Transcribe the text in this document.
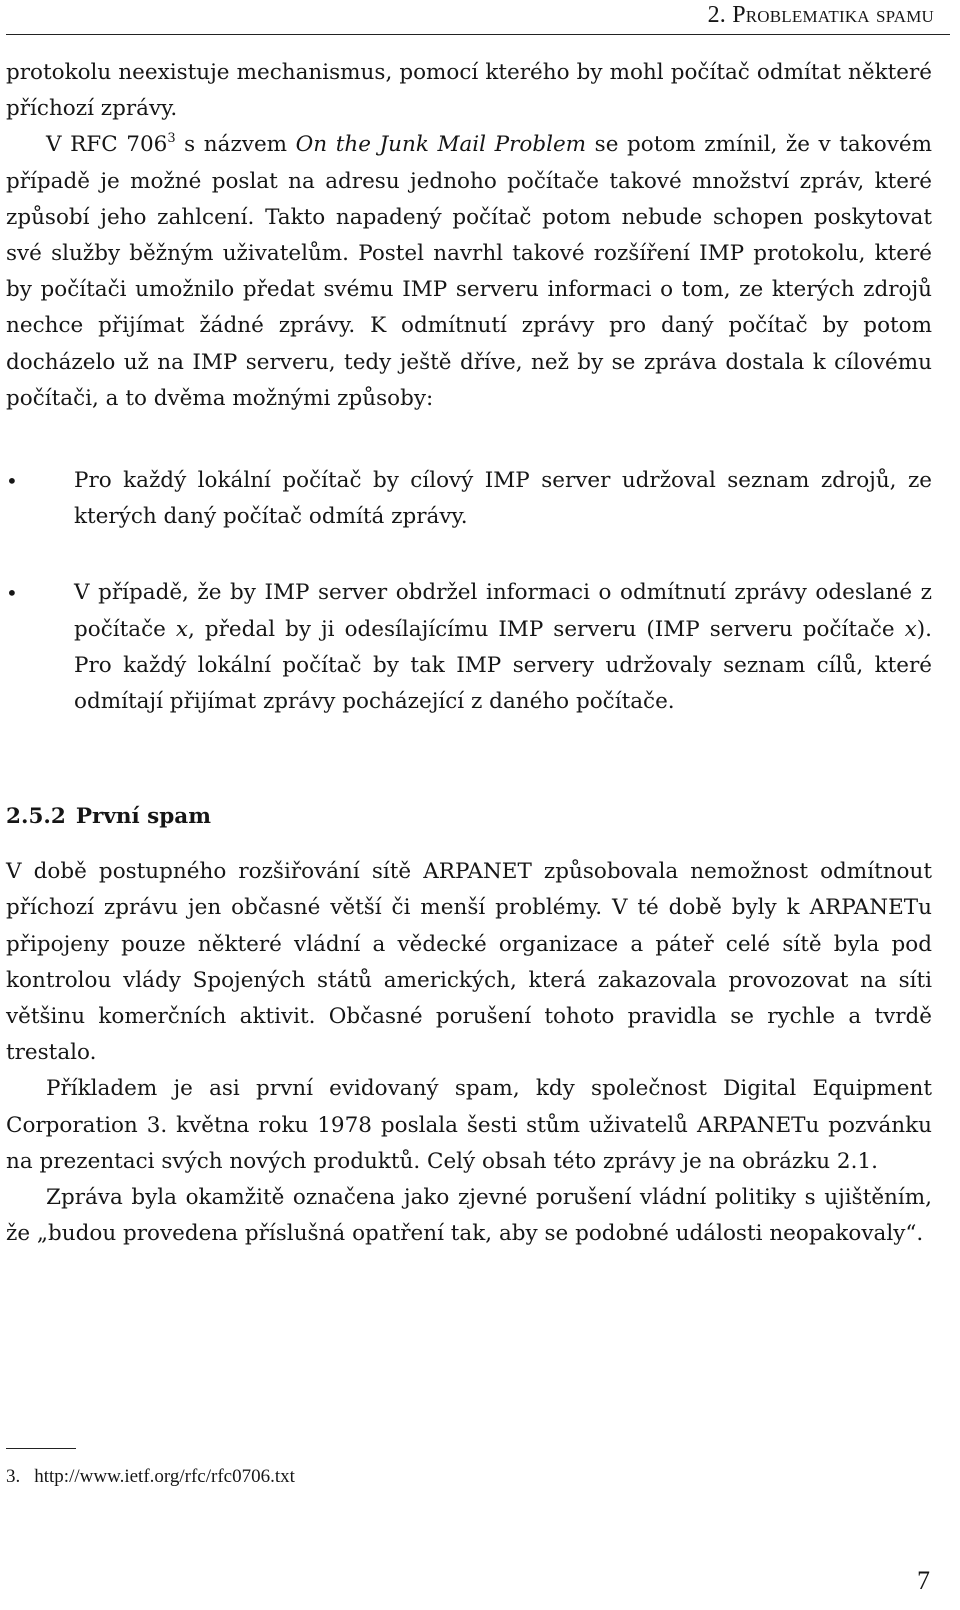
2. Problematika spamu

protokolu neexistuje mechanismus, pomocí kterého by mohl počítač odmítat některé příchozí zprávy.

V RFC $706^3$ s názvem On the Junk Mail Problem se potom zmínil, že v takovém případě je možné poslat na adresu jednoho počítače takové množství zpráv, které způsobí jeho zahlcení. Takto napadený počítač potom nebude schopen poskytovat své služby běžným uživatelům. Postel navrhl takové rozšíření IMP protokolu, které by počítači umožnilo předat svému IMP serveru informaci o tom, ze kterých zdrojů nechce přijímat žádné zprávy. K odmítnutí zprávy pro daný počítač by potom docházelo už na IMP serveru, tedy ještě dříve, než by se zpráva dostala k cílovému počítači, a to dvěma možnými způsoby:

•	Pro každý lokální počítač by cílový IMP server udržoval seznam zdrojů, ze kterých daný počítač odmítá zprávy.
•	V případě, že by IMP server obdržel informaci o odmítnutí zprávy odeslané z počítače x, předal by ji odesílajícímu IMP serveru (IMP serveru počítače x). Pro každý lokální počítač by tak IMP servery udržovaly seznam cílů, které odmítají přijímat zprávy pocházející z daného počítače.
2.5.2 První spam

V době postupného rozšiřování sítě ARPANET způsobovala nemožnost odmítnout příchozí zprávu jen občasné větší či menší problémy. V té době byly k ARPANETu připojeny pouze některé vládní a vědecké organizace a páteř celé sítě byla pod kontrolou vlády Spojených států amerických, která zakazovala provozovat na síti většinu komerčních aktivit. Občasné porušení tohoto pravidla se rychle a tvrdě trestalo.

Příkladem je asi první evidovaný spam, kdy společnost Digital Equipment Corporation 3. května roku 1978 poslala šesti stům uživatelů ARPANETu pozvánku na prezentaci svých nových produktů. Celý obsah této zprávy je na obrázku 2.1.

Zpráva byla okamžitě označena jako zjevné porušení vládní politiky s ujištěním, že „budou provedena příslušná opatření tak, aby se podobné události neopakovaly“.

3. http://www.ietf.org/rfc/rfc0706.txt
7
